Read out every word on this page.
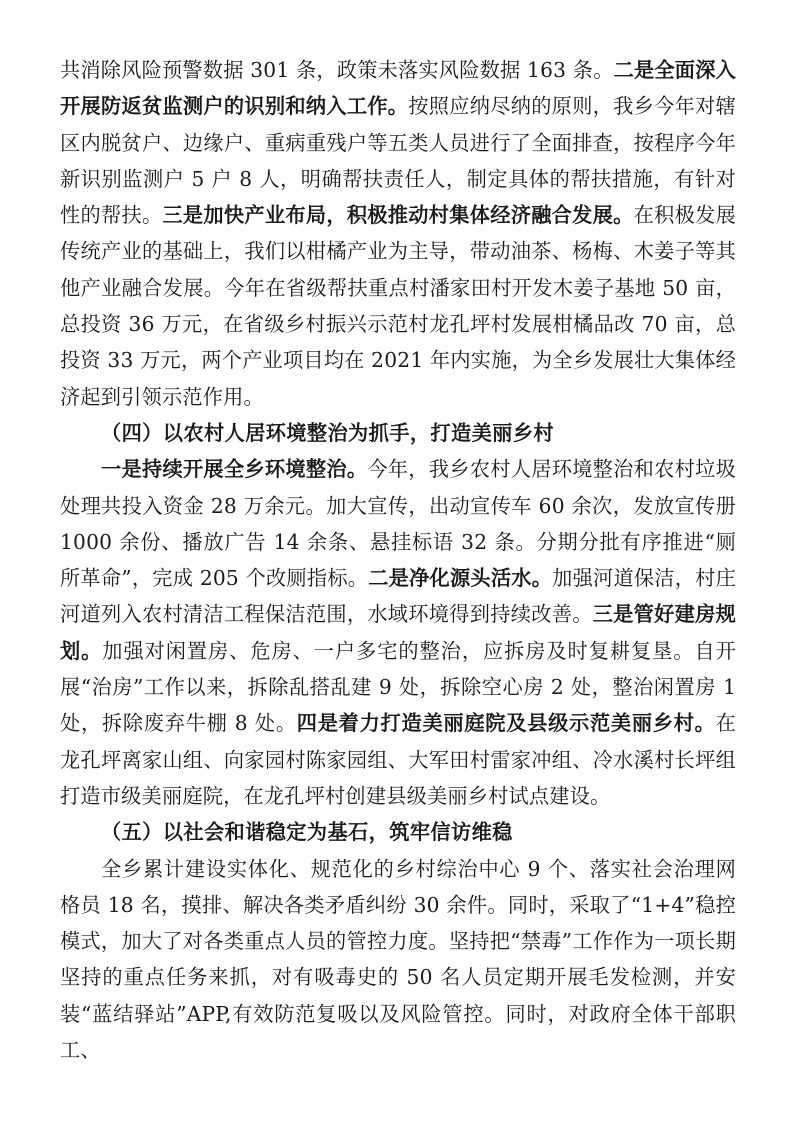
共消除风险预警数据 301 条，政策未落实风险数据 163 条。二是全面深入开展防返贫监测户的识别和纳入工作。按照应纳尽纳的原则，我乡今年对辖区内脱贫户、边缘户、重病重残户等五类人员进行了全面排查，按程序今年新识别监测户 5 户 8 人，明确帮扶责任人，制定具体的帮扶措施，有针对性的帮扶。三是加快产业布局，积极推动村集体经济融合发展。在积极发展传统产业的基础上，我们以柑橘产业为主导，带动油茶、杨梅、木姜子等其他产业融合发展。今年在省级帮扶重点村潘家田村开发木姜子基地 50 亩，总投资 36 万元，在省级乡村振兴示范村龙孔坪村发展柑橘品改 70 亩，总投资 33 万元，两个产业项目均在 2021 年内实施，为全乡发展壮大集体经济起到引领示范作用。

（四）以农村人居环境整治为抓手，打造美丽乡村

一是持续开展全乡环境整治。今年，我乡农村人居环境整治和农村垃圾处理共投入资金 28 万余元。加大宣传，出动宣传车 60 余次，发放宣传册 1000 余份、播放广告 14 余条、悬挂标语 32 条。分期分批有序推进“厕所革命”，完成 205 个改厕指标。二是净化源头活水。加强河道保洁，村庄河道列入农村清洁工程保洁范围，水域环境得到持续改善。三是管好建房规划。加强对闲置房、危房、一户多宅的整治，应拆房及时复耕复垦。自开展“治房”工作以来，拆除乱搭乱建 9 处，拆除空心房 2 处，整治闲置房 1 处，拆除废弃牛棚 8 处。四是着力打造美丽庭院及县级示范美丽乡村。在龙孔坪离家山组、向家园村陈家园组、大军田村雷家冲组、冷水溪村长坪组打造市级美丽庭院，在龙孔坪村创建县级美丽乡村试点建设。

（五）以社会和谐稳定为基石，筑牢信访维稳

全乡累计建设实体化、规范化的乡村综治中心 9 个、落实社会治理网格员 18 名，摸排、解决各类矛盾纠纷 30 余件。同时，采取了“1+4”稳控模式，加大了对各类重点人员的管控力度。坚持把“禁毒”工作作为一项长期坚持的重点任务来抓，对有吸毒史的 50 名人员定期开展毛发检测，并安装“蓝结驿站”APP,有效防范复吸以及风险管控。同时，对政府全体干部职工、
